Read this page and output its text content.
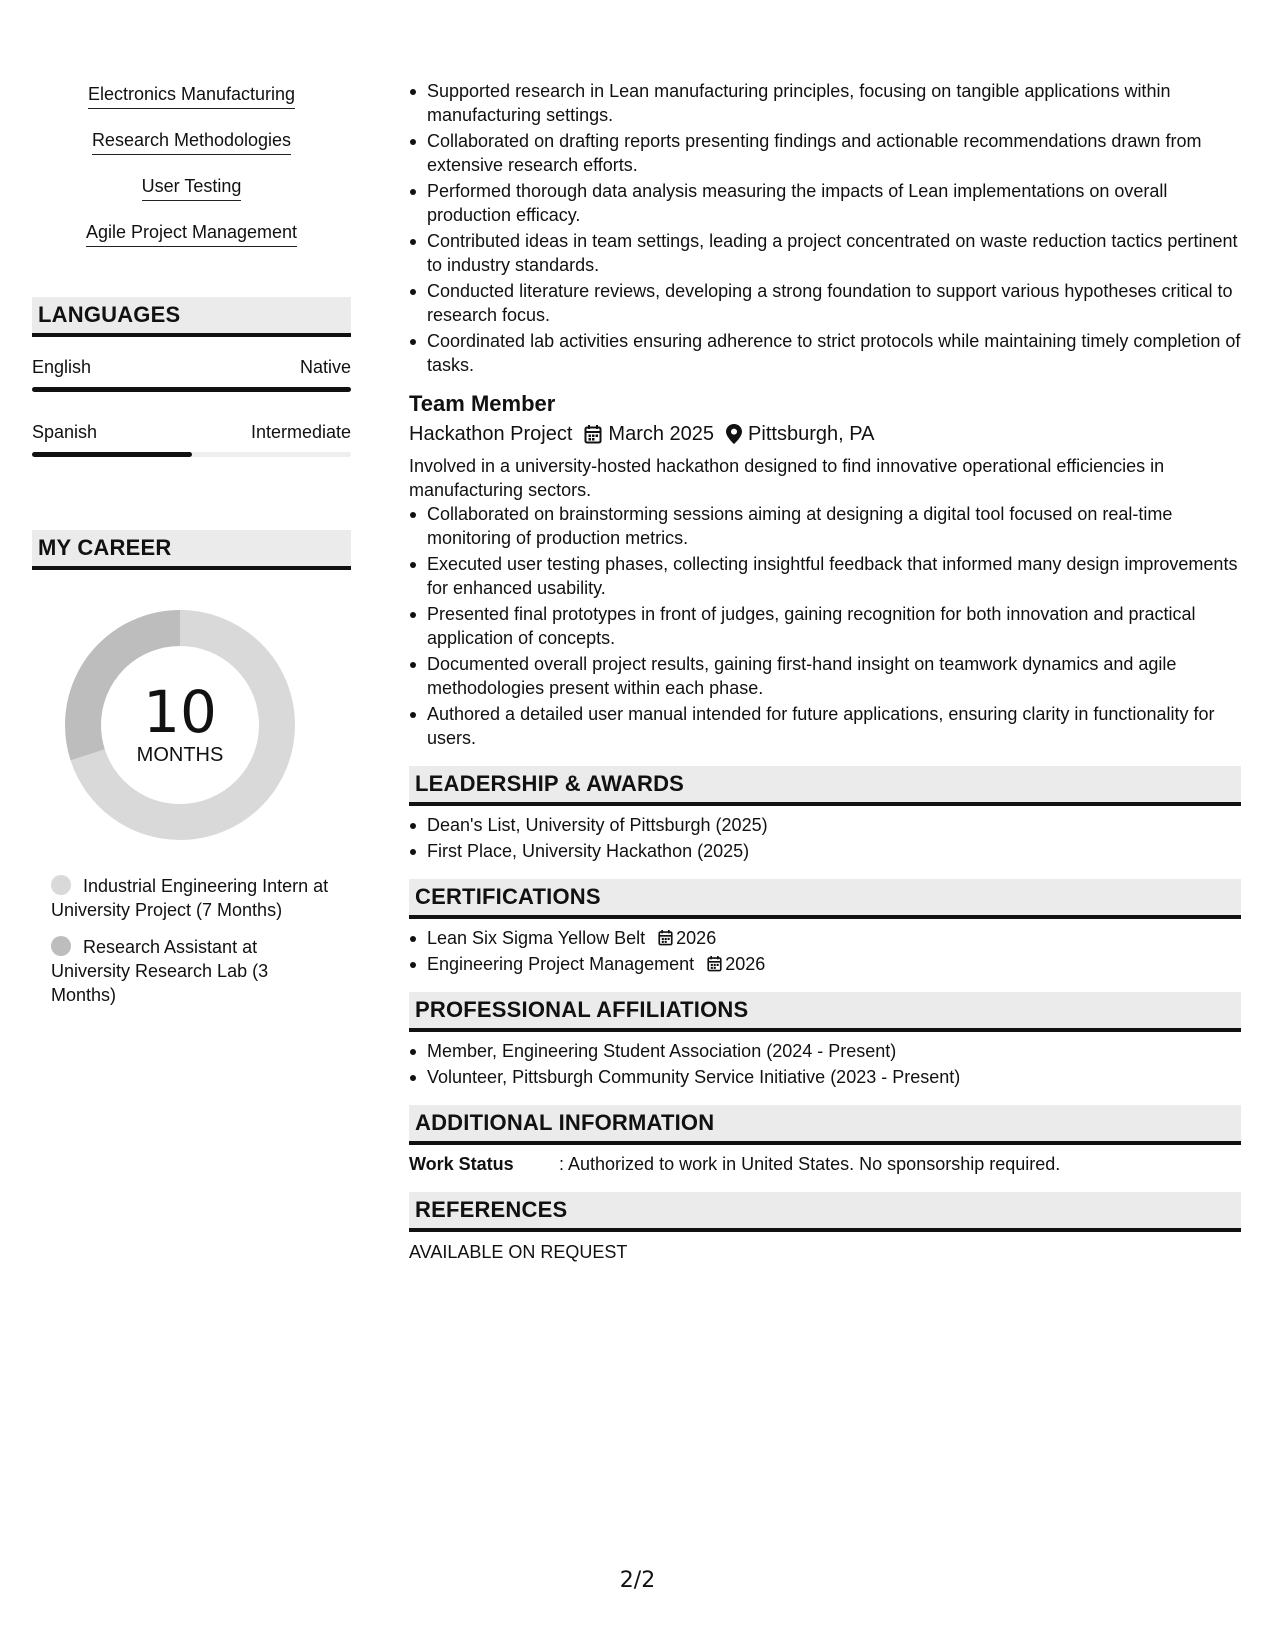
Electronics Manufacturing
Research Methodologies
User Testing
Agile Project Management
LANGUAGES
English	Native
Spanish	Intermediate
MY CAREER
10
MONTHS
Industrial Engineering Intern at University Project (7 Months)
Research Assistant at University Research Lab (3 Months)
Supported research in Lean manufacturing principles, focusing on tangible applications within manufacturing settings.
Collaborated on drafting reports presenting findings and actionable recommendations drawn from extensive research efforts.
Performed thorough data analysis measuring the impacts of Lean implementations on overall production efficacy.
Contributed ideas in team settings, leading a project concentrated on waste reduction tactics pertinent to industry standards.
Conducted literature reviews, developing a strong foundation to support various hypotheses critical to research focus.
Coordinated lab activities ensuring adherence to strict protocols while maintaining timely completion of tasks.
Team Member
Hackathon Project March 2025 Pittsburgh, PA
Involved in a university-hosted hackathon designed to find innovative operational efficiencies in manufacturing sectors.
Collaborated on brainstorming sessions aiming at designing a digital tool focused on real-time monitoring of production metrics.
Executed user testing phases, collecting insightful feedback that informed many design improvements for enhanced usability.
Presented final prototypes in front of judges, gaining recognition for both innovation and practical application of concepts.
Documented overall project results, gaining first-hand insight on teamwork dynamics and agile methodologies present within each phase.
Authored a detailed user manual intended for future applications, ensuring clarity in functionality for users.
LEADERSHIP & AWARDS
Dean's List, University of Pittsburgh (2025)
First Place, University Hackathon (2025)
CERTIFICATIONS
Lean Six Sigma Yellow Belt 2026
Engineering Project Management 2026
PROFESSIONAL AFFILIATIONS
Member, Engineering Student Association (2024 - Present)
Volunteer, Pittsburgh Community Service Initiative (2023 - Present)
ADDITIONAL INFORMATION
Work Status	: Authorized to work in United States. No sponsorship required.
REFERENCES
AVAILABLE ON REQUEST
2/2
